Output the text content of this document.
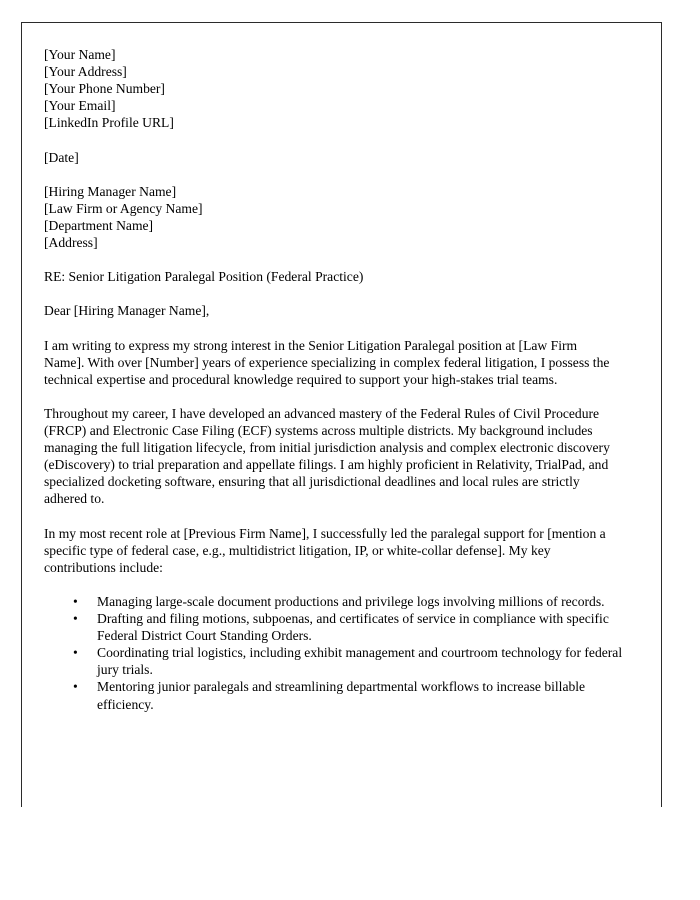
[Your Name]
[Your Address]
[Your Phone Number]
[Your Email]
[LinkedIn Profile URL]
[Date]
[Hiring Manager Name]
[Law Firm or Agency Name]
[Department Name]
[Address]

RE: Senior Litigation Paralegal Position (Federal Practice)

Dear [Hiring Manager Name],

I am writing to express my strong interest in the Senior Litigation Paralegal position at [Law Firm Name]. With over [Number] years of experience specializing in complex federal litigation, I possess the technical expertise and procedural knowledge required to support your high-stakes trial teams.

Throughout my career, I have developed an advanced mastery of the Federal Rules of Civil Procedure (FRCP) and Electronic Case Filing (ECF) systems across multiple districts. My background includes managing the full litigation lifecycle, from initial jurisdiction analysis and complex electronic discovery (eDiscovery) to trial preparation and appellate filings. I am highly proficient in Relativity, TrialPad, and specialized docketing software, ensuring that all jurisdictional deadlines and local rules are strictly adhered to.

In my most recent role at [Previous Firm Name], I successfully led the paralegal support for [mention a specific type of federal case, e.g., multidistrict litigation, IP, or white-collar defense]. My key contributions include:

• Managing large-scale document productions and privilege logs involving millions of records.
• Drafting and filing motions, subpoenas, and certificates of service in compliance with specific Federal District Court Standing Orders.
• Coordinating trial logistics, including exhibit management and courtroom technology for federal jury trials.
• Mentoring junior paralegals and streamlining departmental workflows to increase billable efficiency.
